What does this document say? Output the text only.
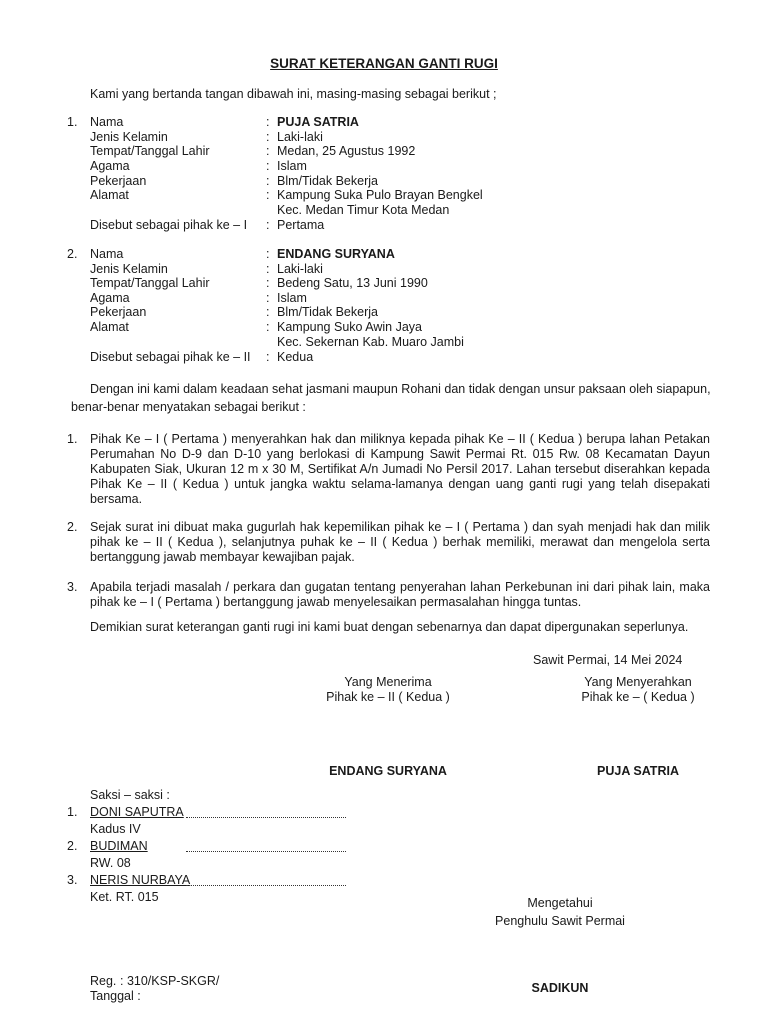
SURAT KETERANGAN GANTI RUGI
Kami yang bertanda tangan dibawah ini, masing-masing sebagai berikut ;
1. Nama	: PUJA SATRIA
Jenis Kelamin	: Laki-laki
Tempat/Tanggal Lahir	: Medan, 25 Agustus 1992
Agama	: Islam
Pekerjaan	: Blm/Tidak Bekerja
Alamat	: Kampung Suka Pulo Brayan Bengkel
Kec. Medan Timur Kota Medan
Disebut sebagai pihak ke – I : Pertama
2. Nama	: ENDANG SURYANA
Jenis Kelamin	: Laki-laki
Tempat/Tanggal Lahir	: Bedeng Satu, 13 Juni 1990
Agama	: Islam
Pekerjaan	: Blm/Tidak Bekerja
Alamat	: Kampung Suko Awin Jaya
Kec. Sekernan Kab. Muaro Jambi
Disebut sebagai pihak ke – II : Kedua
Dengan ini kami dalam keadaan sehat jasmani maupun Rohani dan tidak dengan unsur paksaan oleh siapapun,
benar-benar menyatakan sebagai berikut :
1. Pihak Ke – I ( Pertama ) menyerahkan hak dan miliknya kepada pihak Ke – II ( Kedua ) berupa lahan Petakan Perumahan No D-9 dan D-10 yang berlokasi di Kampung Sawit Permai Rt. 015 Rw. 08 Kecamatan Dayun Kabupaten Siak, Ukuran 12 m x 30 M, Sertifikat A/n Jumadi No Persil 2017. Lahan tersebut diserahkan kepada Pihak Ke – II ( Kedua ) untuk jangka waktu selama-lamanya dengan uang ganti rugi yang telah disepakati bersama.
2. Sejak surat ini dibuat maka gugurlah hak kepemilikan pihak ke – I ( Pertama ) dan syah menjadi hak dan milik pihak ke – II ( Kedua ), selanjutnya puhak ke – II ( Kedua ) berhak memiliki, merawat dan mengelola serta bertanggung jawab membayar kewajiban pajak.
3. Apabila terjadi masalah / perkara dan gugatan tentang penyerahan lahan Perkebunan ini dari pihak lain, maka pihak ke – I ( Pertama ) bertanggung jawab menyelesaikan permasalahan hingga tuntas.
Demikian surat keterangan ganti rugi ini kami buat dengan sebenarnya dan dapat dipergunakan seperlunya.
Sawit Permai, 14 Mei 2024
Yang Menerima
Pihak ke – II ( Kedua )
ENDANG SURYANA
Yang Menyerahkan
Pihak ke – ( Kedua )
PUJA SATRIA
Saksi – saksi :
1. DONI SAPUTRA
Kadus IV
2. BUDIMAN
RW. 08
3. NERIS NURBAYA
Ket. RT. 015	Mengetahui
Penghulu Sawit Permai
SADIKUN
Reg. : 310/KSP-SKGR/
Tanggal :
